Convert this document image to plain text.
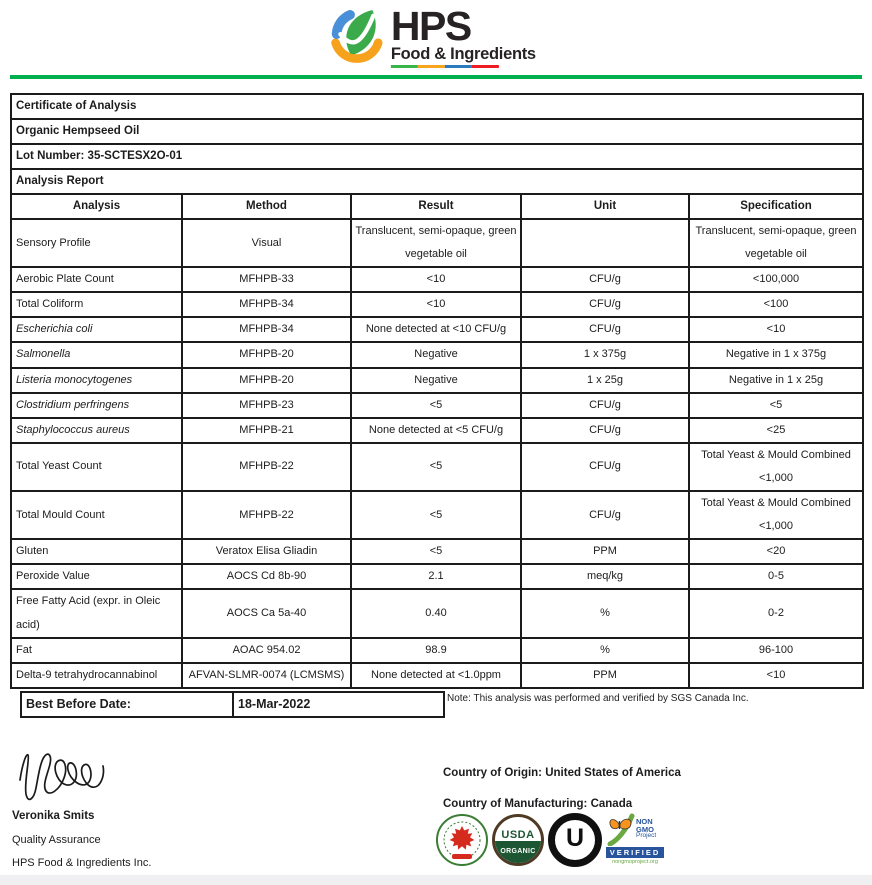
HPS
Food & Ingredients
Certificate of Analysis				
Organic Hempseed Oil				
Lot Number: 35-SCTESX2O-01				
Analysis Report				
Analysis	Method	Result	Unit	Specification
Sensory Profile	Visual	Translucent, semi-opaque, green vegetable oil		Translucent, semi-opaque, green vegetable oil
Aerobic Plate Count	MFHPB-33	<10	CFU/g	<100,000
Total Coliform	MFHPB-34	<10	CFU/g	<100
Escherichia coli	MFHPB-34	None detected at <10 CFU/g	CFU/g	<10
Salmonella	MFHPB-20	Negative	1 x 375g	Negative in 1 x 375g
Listeria monocytogenes	MFHPB-20	Negative	1 x 25g	Negative in 1 x 25g
Clostridium perfringens	MFHPB-23	<5	CFU/g	<5
Staphylococcus aureus	MFHPB-21	None detected at <5 CFU/g	CFU/g	<25
Total Yeast Count	MFHPB-22	<5	CFU/g	Total Yeast & Mould Combined <1,000
Total Mould Count	MFHPB-22	<5	CFU/g	Total Yeast & Mould Combined <1,000
Gluten	Veratox Elisa Gliadin	<5	PPM	<20
Peroxide Value	AOCS Cd 8b-90	2.1	meq/kg	0-5
Free Fatty Acid (expr. in Oleic acid)	AOCS Ca 5a-40	0.40	%	0-2
Fat	AOAC 954.02	98.9	%	96-100
Delta-9 tetrahydrocannabinol	AFVAN-SLMR-0074 (LCMSMS)	None detected at <1.0ppm	PPM	<10
Best Before Date:	18-Mar-2022	Note: This analysis was performed and verified by SGS Canada Inc.
Country of Origin: United States of America
Country of Manufacturing: Canada
Veronika Smits
Quality Assurance
HPS Food & Ingredients Inc.
USDA
ORGANIC
U
NON
GMO
Project
VERIFIED
nongmoproject.org
